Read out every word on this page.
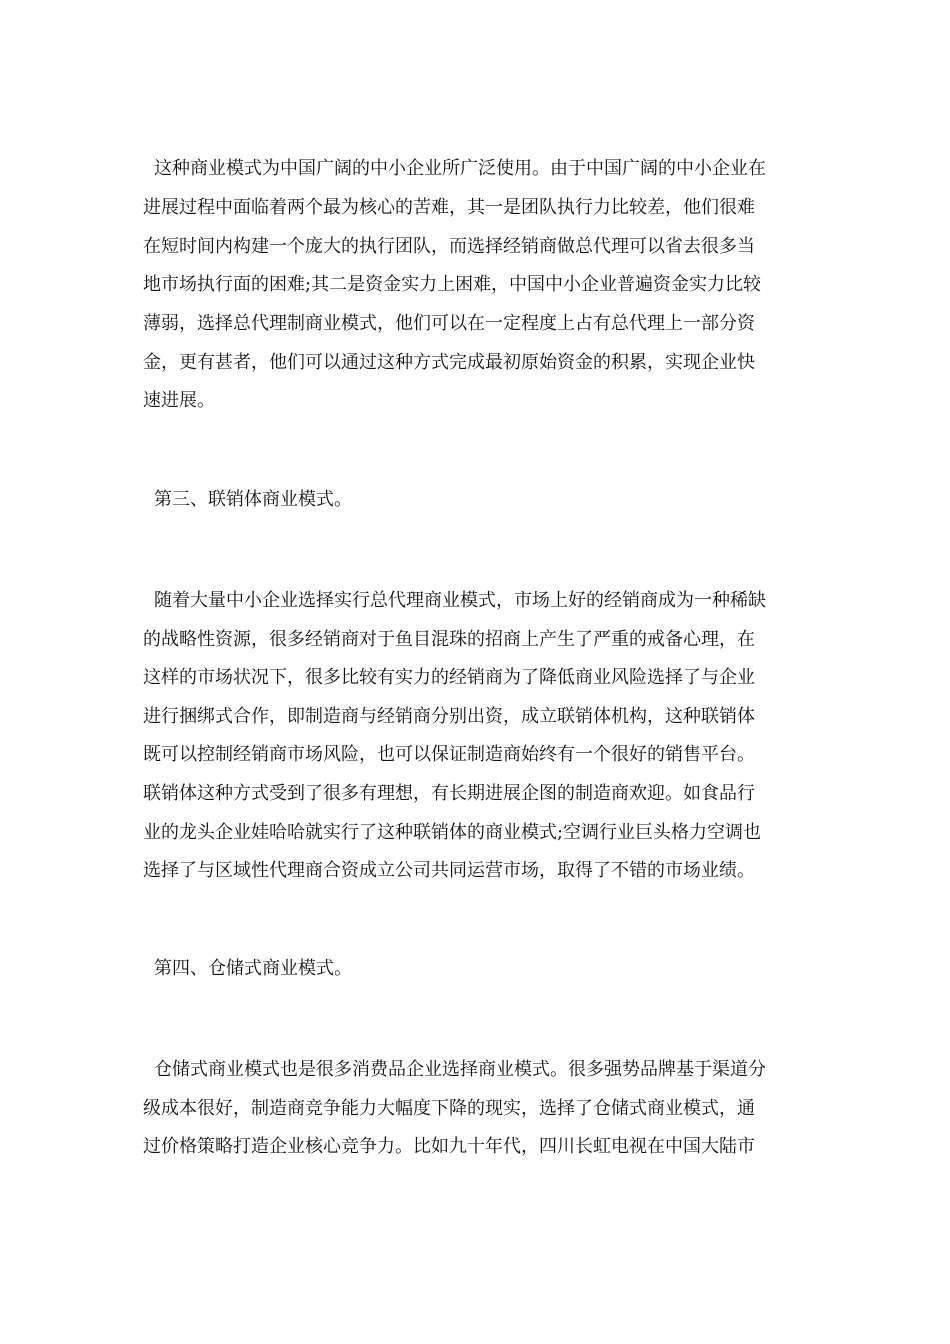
这种商业模式为中国广阔的中小企业所广泛使用。由于中国广阔的中小企业在
进展过程中面临着两个最为核心的苦难，其一是团队执行力比较差，他们很难
在短时间内构建一个庞大的执行团队，而选择经销商做总代理可以省去很多当
地市场执行面的困难;其二是资金实力上困难，中国中小企业普遍资金实力比较
薄弱，选择总代理制商业模式，他们可以在一定程度上占有总代理上一部分资
金，更有甚者，他们可以通过这种方式完成最初原始资金的积累，实现企业快
速进展。
第三、联销体商业模式。
随着大量中小企业选择实行总代理商业模式，市场上好的经销商成为一种稀缺
的战略性资源，很多经销商对于鱼目混珠的招商上产生了严重的戒备心理，在
这样的市场状况下，很多比较有实力的经销商为了降低商业风险选择了与企业
进行捆绑式合作，即制造商与经销商分别出资，成立联销体机构，这种联销体
既可以控制经销商市场风险，也可以保证制造商始终有一个很好的销售平台。
联销体这种方式受到了很多有理想，有长期进展企图的制造商欢迎。如食品行
业的龙头企业娃哈哈就实行了这种联销体的商业模式;空调行业巨头格力空调也
选择了与区域性代理商合资成立公司共同运营市场，取得了不错的市场业绩。
第四、仓储式商业模式。
仓储式商业模式也是很多消费品企业选择商业模式。很多强势品牌基于渠道分
级成本很好，制造商竞争能力大幅度下降的现实，选择了仓储式商业模式，通
过价格策略打造企业核心竞争力。比如九十年代，四川长虹电视在中国大陆市
